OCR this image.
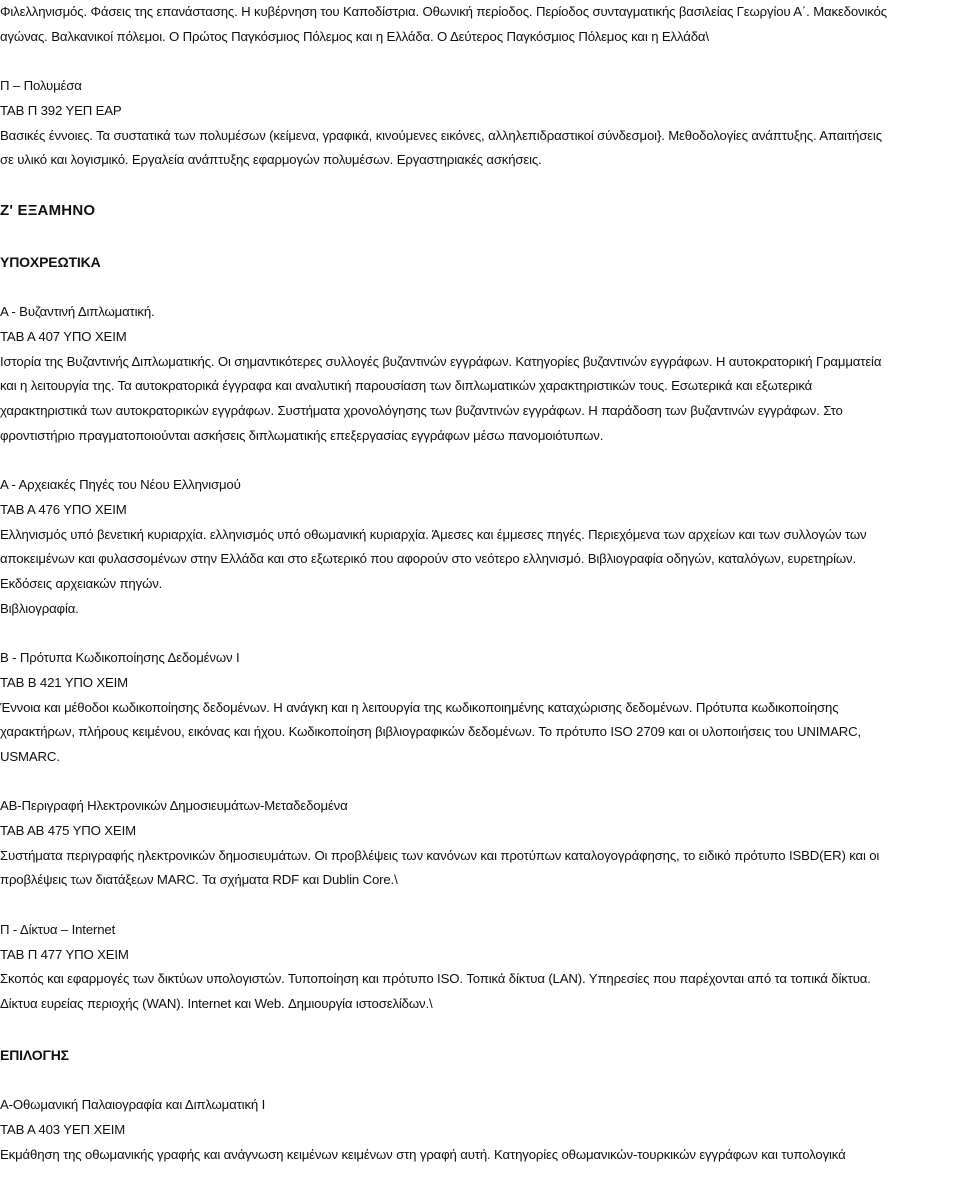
Φιλελληνισμός. Φάσεις της επανάστασης. Η κυβέρνηση του Καποδίστρια. Οθωνική περίοδος. Περίοδος συνταγματικής βασιλείας Γεωργίου Α΄. Μακεδονικός

αγώνας. Βαλκανικοί πόλεμοι. Ο Πρώτος Παγκόσμιος Πόλεμος και η Ελλάδα. Ο Δεύτερος Παγκόσμιος Πόλεμος και η Ελλάδα\

Π – Πολυμέσα

ΤΑΒ Π 392 ΥΕΠ ΕΑΡ

Βασικές έννοιες. Τα συστατικά των πολυμέσων (κείμενα, γραφικά, κινούμενες εικόνες, αλληλεπιδραστικοί σύνδεσμοι}. Μεθοδολογίες ανάπτυξης. Απαιτήσεις

σε υλικό και λογισμικό. Εργαλεία ανάπτυξης εφαρμογών πολυμέσων. Εργαστηριακές ασκήσεις.

Ζ' ΕΞΑΜΗΝΟ

ΥΠΟΧΡΕΩΤΙΚΑ

Α - Βυζαντινή Διπλωματική.

ΤΑΒ Α 407 ΥΠΟ ΧΕΙΜ

Ιστορία της Βυζαντινής Διπλωματικής. Οι σημαντικότερες συλλογές βυζαντινών εγγράφων. Κατηγορίες βυζαντινών εγγράφων. Η αυτοκρατορική Γραμματεία

και η λειτουργία της. Τα αυτοκρατορικά έγγραφα και αναλυτική παρουσίαση των διπλωματικών χαρακτηριστικών τους. Εσωτερικά και εξωτερικά

χαρακτηριστικά των αυτοκρατορικών εγγράφων. Συστήματα χρονολόγησης των βυζαντινών εγγράφων. Η παράδοση των βυζαντινών εγγράφων. Στο

φροντιστήριο πραγματοποιούνται ασκήσεις διπλωματικής επεξεργασίας εγγράφων μέσω πανομοιότυπων.

Α - Αρχειακές Πηγές του Νέου Ελληνισμού

ΤΑΒ Α 476 ΥΠΟ ΧΕΙΜ

Ελληνισμός υπό βενετική κυριαρχία. ελληνισμός υπό οθωμανική κυριαρχία. Άμεσες και έμμεσες πηγές. Περιεχόμενα των αρχείων και των συλλογών των

αποκειμένων και φυλασσομένων στην Ελλάδα και στο εξωτερικό που αφορούν στο νεότερο ελληνισμό. Βιβλιογραφία οδηγών, καταλόγων, ευρετηρίων.

Εκδόσεις αρχειακών πηγών.

Βιβλιογραφία.

Β - Πρότυπα Κωδικοποίησης Δεδομένων Ι

ΤΑΒ Β 421 ΥΠΟ ΧΕΙΜ

Έννοια και μέθοδοι κωδικοποίησης δεδομένων. Η ανάγκη και η λειτουργία της κωδικοποιημένης καταχώρισης δεδομένων. Πρότυπα κωδικοποίησης

χαρακτήρων, πλήρους κειμένου, εικόνας και ήχου. Κωδικοποίηση βιβλιογραφικών δεδομένων. Το πρότυπο ISO 2709 και οι υλοποιήσεις του UNIMARC,

USMARC.

ΑΒ-Περιγραφή Ηλεκτρονικών Δημοσιευμάτων-Μεταδεδομένα

ΤΑΒ ΑΒ 475 ΥΠΟ ΧΕΙΜ

Συστήματα περιγραφής ηλεκτρονικών δημοσιευμάτων. Οι προβλέψεις των κανόνων και προτύπων καταλογογράφησης, το ειδικό πρότυπο ISBD(ER) και οι

προβλέψεις των διατάξεων MARC. Τα σχήματα RDF και Dublin Core.\

Π - Δίκτυα – Internet

ΤΑΒ Π 477 ΥΠΟ ΧΕΙΜ

Σκοπός και εφαρμογές των δικτύων υπολογιστών. Τυποποίηση και πρότυπο ISO. Τοπικά δίκτυα (LAN). Υπηρεσίες που παρέχονται από τα τοπικά δίκτυα.

Δίκτυα ευρείας περιοχής (WAN). Internet και Web. Δημιουργία ιστοσελίδων.\

ΕΠΙΛΟΓΗΣ

Α-Οθωμανική Παλαιογραφία και Διπλωματική Ι

ΤΑΒ Α 403 ΥΕΠ ΧΕΙΜ

Εκμάθηση της οθωμανικής γραφής και ανάγνωση κειμένων κειμένων στη γραφή αυτή. Κατηγορίες οθωμανικών-τουρκικών εγγράφων και τυπολογικά
